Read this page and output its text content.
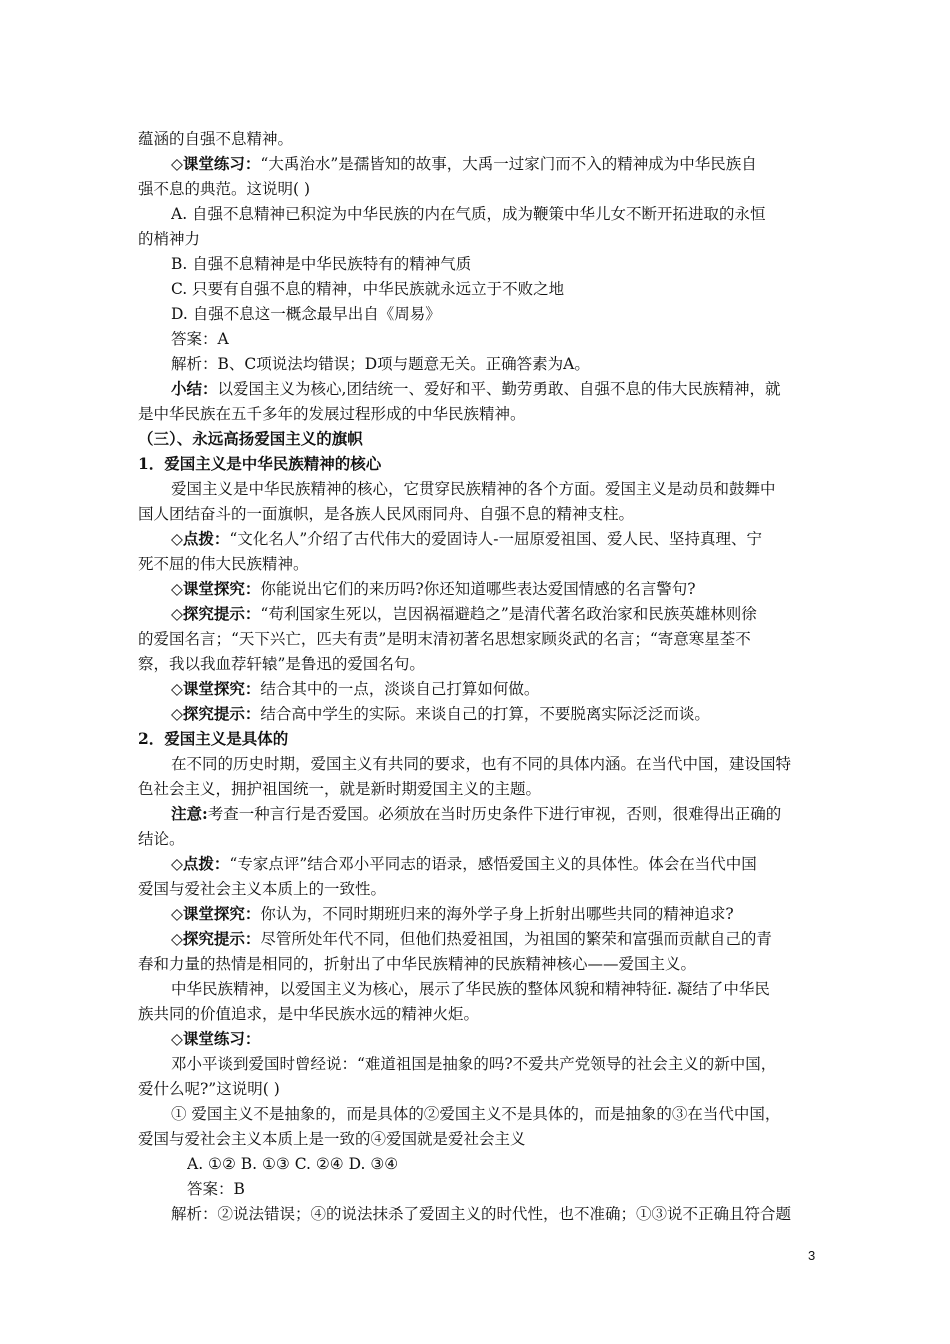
蕴涵的自强不息精神。
◇课堂练习：“大禹治水”是孺皆知的故事，大禹一过家门而不入的精神成为中华民族自
强不息的典范。这说明( )
A. 自强不息精神已积淀为中华民族的内在气质，成为鞭策中华儿女不断开拓进取的永恒
的梢神力
B. 自强不息精神是中华民族特有的精神气质
C. 只要有自强不息的精神，中华民族就永远立于不败之地
D. 自强不息这一概念最早出自《周易》
答案：A
解析：B、C项说法均错误；D项与题意无关。正确答素为A。
小结：以爱国主义为核心,团结统一、爱好和平、勤劳勇敢、自强不息的伟大民族精神，就
是中华民族在五千多年的发展过程形成的中华民族精神。
（三）、永远高扬爱国主义的旗帜
1．爱国主义是中华民族精神的核心
爱国主义是中华民族精神的核心，它贯穿民族精神的各个方面。爱国主义是动员和鼓舞中
国人团结奋斗的一面旗帜，是各族人民风雨同舟、自强不息的精神支柱。
◇点拨：“文化名人”介绍了古代伟大的爱固诗人-一屈原爱祖国、爱人民、坚持真理、宁
死不屈的伟大民族精神。
◇课堂探究：你能说出它们的来历吗?你还知道哪些表达爱国情感的名言警句?
◇探究提示：“苟利国家生死以，岂因祸福避趋之”是清代著名政治家和民族英雄林则徐
的爱国名言；“天下兴亡，匹夫有责”是明末清初著名思想家顾炎武的名言；“寄意寒星荃不
察，我以我血荐轩辕”是鲁迅的爱国名句。
◇课堂探究：结合其中的一点，淡谈自己打算如何做。
◇探究提示：结合高中学生的实际。来谈自己的打算，不要脱离实际泛泛而谈。
2．爱国主义是具体的
在不同的历史时期，爱国主义有共同的要求，也有不同的具体内涵。在当代中国，建设国特
色社会主义，拥护祖国统一，就是新时期爱国主义的主题。
注意:考查一种言行是否爱国。必须放在当时历史条件下进行审视，否则，很难得出正确的
结论。
◇点拨：“专家点评”结合邓小平同志的语录，感悟爱国主义的具体性。体会在当代中国
爱国与爱社会主义本质上的一致性。
◇课堂探究：你认为，不同时期班归来的海外学子身上折射出哪些共同的精神追求?
◇探究提示：尽管所处年代不同，但他们热爱祖国，为祖国的繁荣和富强而贡献自己的青
春和力量的热情是相同的，折射出了中华民族精神的民族精神核心——爱国主义。
中华民族精神，以爱国主义为核心，展示了华民族的整体风貌和精神特征. 凝结了中华民
族共同的价值追求，是中华民族水远的精神火炬。
◇课堂练习：
邓小平谈到爱国时曾经说：“难道祖国是抽象的吗?不爱共产党领导的社会主义的新中国，
爱什么呢?”这说明( )
① 爱国主义不是抽象的，而是具体的②爱国主义不是具体的，而是抽象的③在当代中国，
爱国与爱社会主义本质上是一致的④爱国就是爱社会主义
A. ①② B. ①③ C. ②④ D. ③④
答案：B
解析：②说法错误；④的说法抹杀了爱固主义的时代性，也不准确；①③说不正确且符合题
3
